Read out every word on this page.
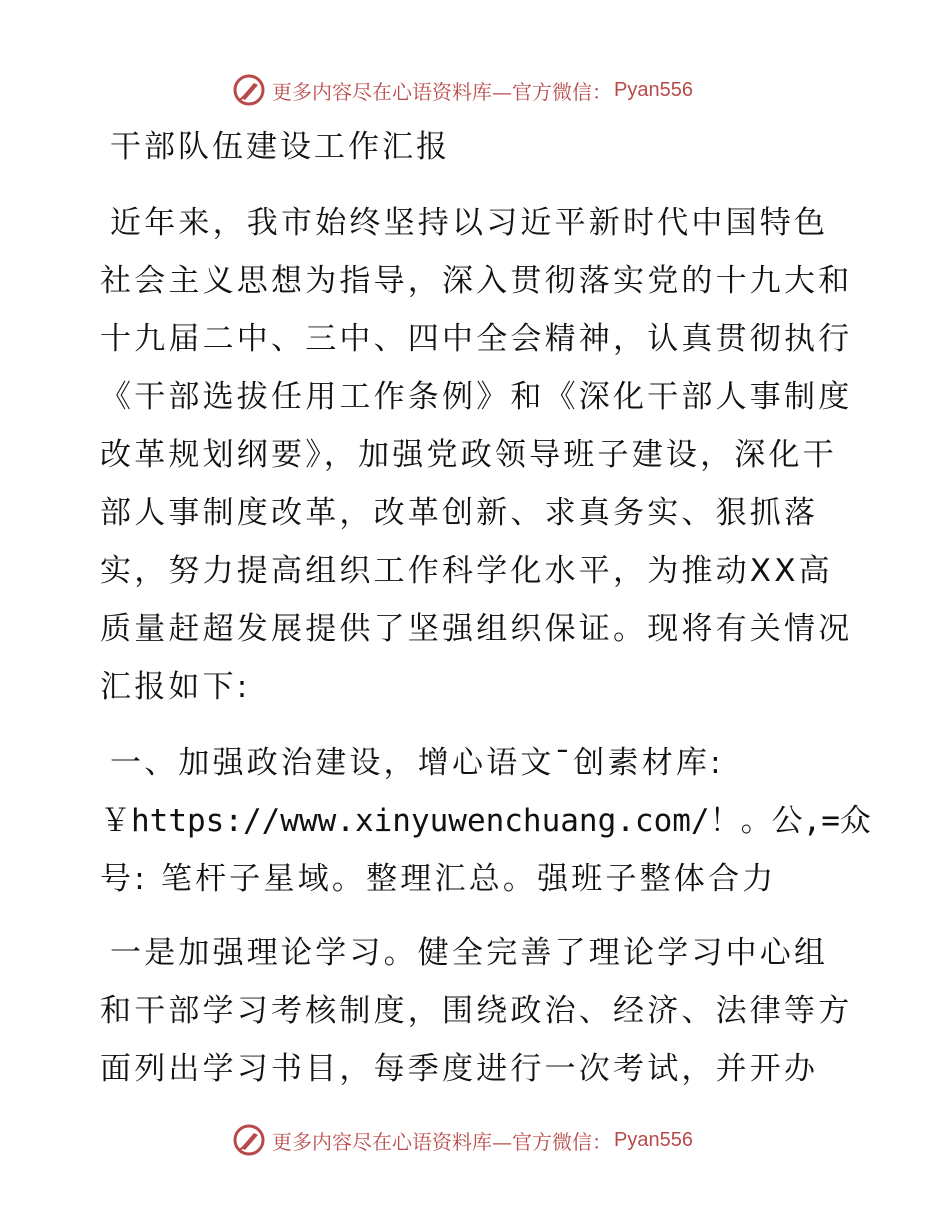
更多内容尽在心语资料库—官方微信： Pyan556
干部队伍建设工作汇报
近年来，我市始终坚持以习近平新时代中国特色
社会主义思想为指导，深入贯彻落实党的十九大和
十九届二中、三中、四中全会精神，认真贯彻执行
《干部选拔任用工作条例》和《深化干部人事制度
改革规划纲要》，加强党政领导班子建设，深化干
部人事制度改革，改革创新、求真务实、狠抓落
实，努力提高组织工作科学化水平，为推动XX高
质量赶超发展提供了坚强组织保证。现将有关情况
汇报如下:
一、加强政治建设，增心语文¯创素材库:
￥https://www.xinyuwenchuang.com/！。公,=众
号: 笔杆子星域。整理汇总。强班子整体合力
一是加强理论学习。健全完善了理论学习中心组
和干部学习考核制度，围绕政治、经济、法律等方
面列出学习书目，每季度进行一次考试，并开办
更多内容尽在心语资料库—官方微信： Pyan556
